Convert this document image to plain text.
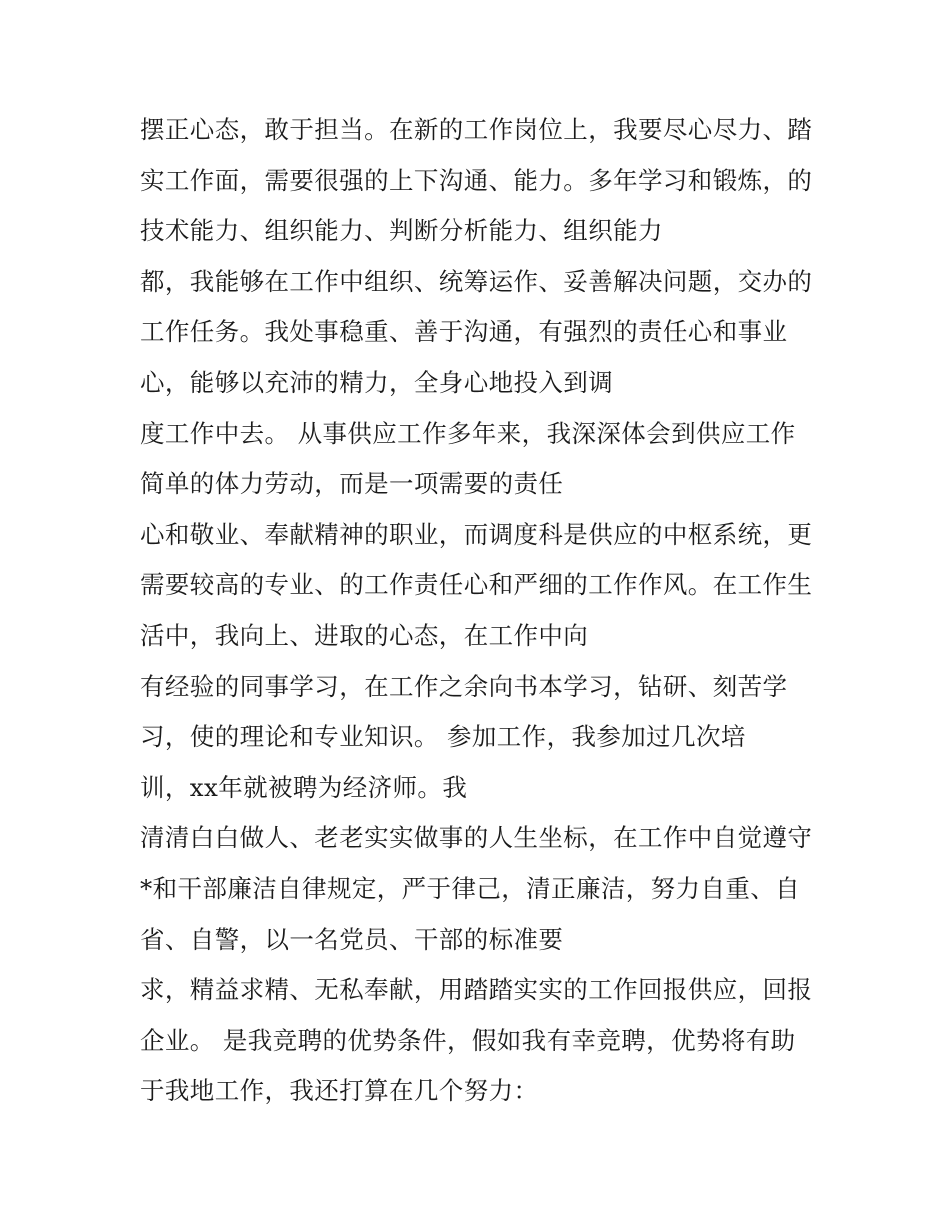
摆正心态，敢于担当。在新的工作岗位上，我要尽心尽力、踏
实工作面，需要很强的上下沟通、能力。多年学习和锻炼，的
技术能力、组织能力、判断分析能力、组织能力
都，我能够在工作中组织、统筹运作、妥善解决问题，交办的
工作任务。我处事稳重、善于沟通，有强烈的责任心和事业
心，能够以充沛的精力，全身心地投入到调
度工作中去。 从事供应工作多年来，我深深体会到供应工作
简单的体力劳动，而是一项需要的责任
心和敬业、奉献精神的职业，而调度科是供应的中枢系统，更
需要较高的专业、的工作责任心和严细的工作作风。在工作生
活中，我向上、进取的心态，在工作中向
有经验的同事学习，在工作之余向书本学习，钻研、刻苦学
习，使的理论和专业知识。 参加工作，我参加过几次培
训，xx年就被聘为经济师。我
清清白白做人、老老实实做事的人生坐标，在工作中自觉遵守
*和干部廉洁自律规定，严于律己，清正廉洁，努力自重、自
省、自警，以一名党员、干部的标准要
求，精益求精、无私奉献，用踏踏实实的工作回报供应，回报
企业。 是我竞聘的优势条件，假如我有幸竞聘，优势将有助
于我地工作，我还打算在几个努力：
